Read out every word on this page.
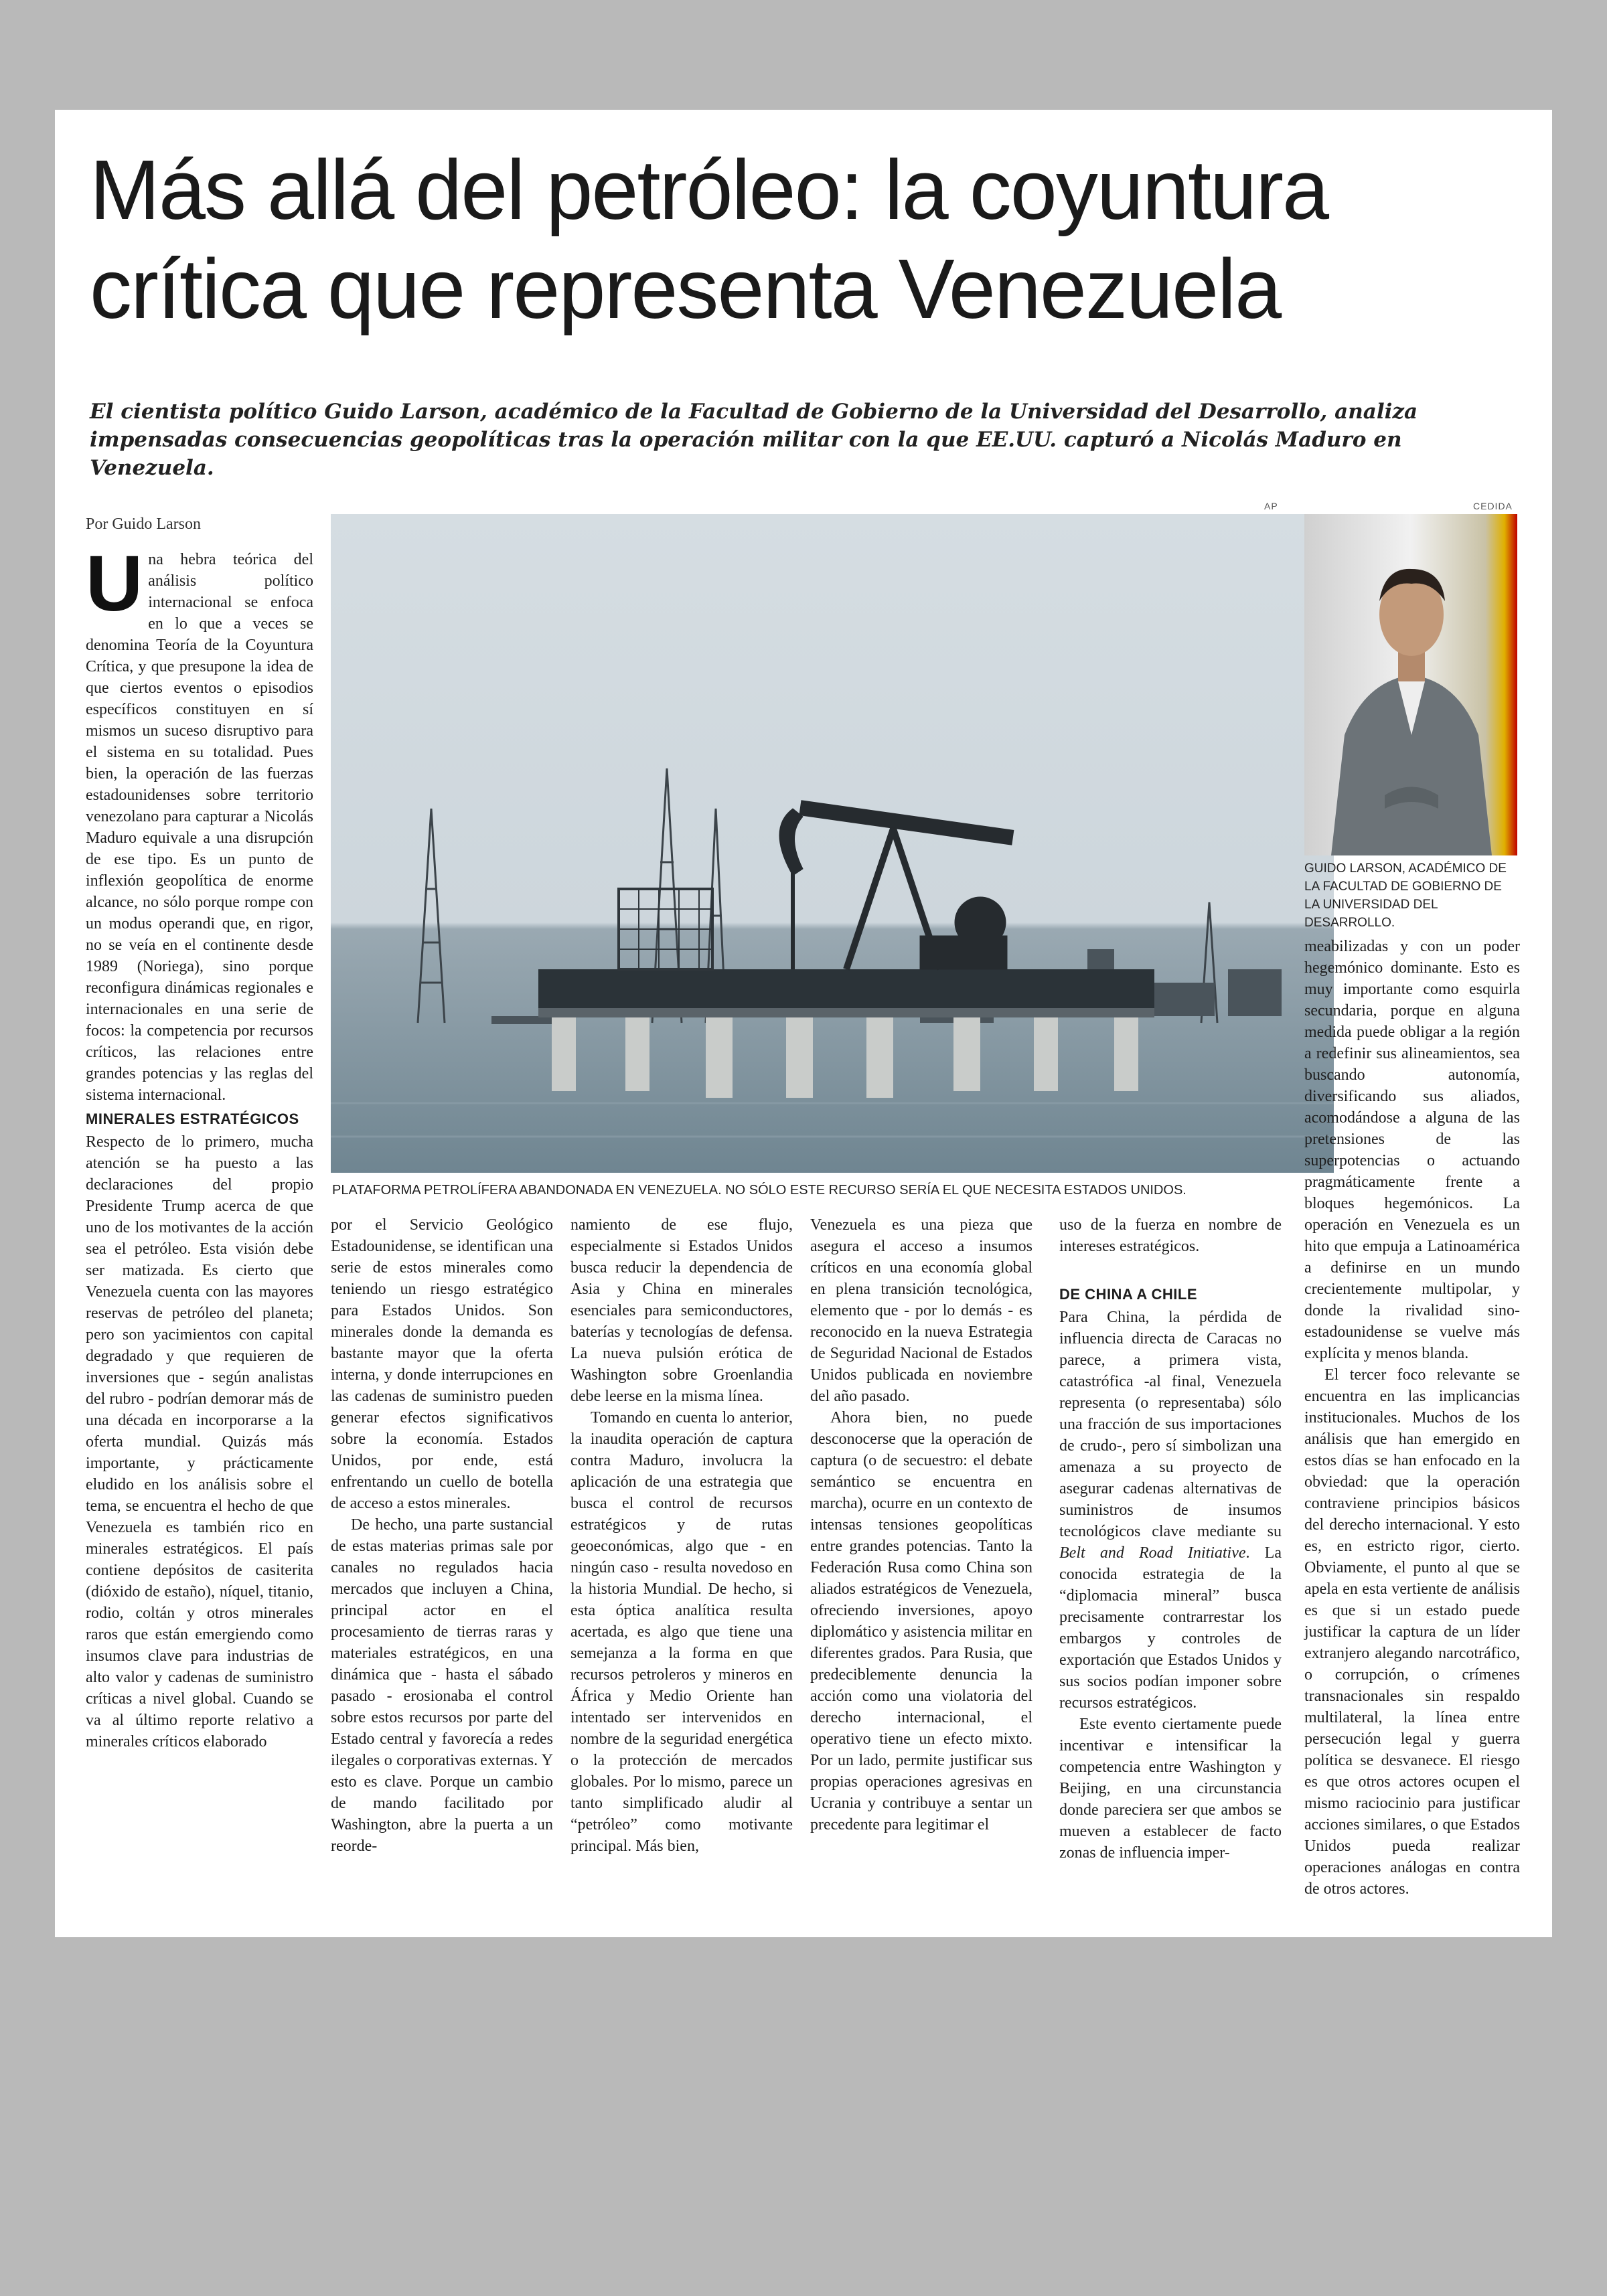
Más allá del petróleo: la coyuntura crítica que representa Venezuela

El cientista político Guido Larson, académico de la Facultad de Gobierno de la Universidad del Desarrollo, analiza impensadas consecuencias geopolíticas tras la operación militar con la que EE.UU. capturó a Nicolás Maduro en Venezuela.

Por Guido Larson
AP

PLATAFORMA PETROLÍFERA ABANDONADA EN VENEZUELA. NO SÓLO ESTE RECURSO SERÍA EL QUE NECESITA ESTADOS UNIDOS.

CEDIDA

GUIDO LARSON, ACADÉMICO DE LA FACULTAD DE GOBIERNO DE LA UNIVERSIDAD DEL DESARROLLO.

Una hebra teórica del análisis político internacional se enfoca en lo que a veces se denomina Teoría de la Coyuntura Crítica, y que presupone la idea de que ciertos eventos o episodios específicos constituyen en sí mismos un suceso disruptivo para el sistema en su totalidad. Pues bien, la operación de las fuerzas estadounidenses sobre territorio venezolano para capturar a Nicolás Maduro equivale a una disrupción de ese tipo. Es un punto de inflexión geopolítica de enorme alcance, no sólo porque rompe con un modus operandi que, en rigor, no se veía en el continente desde 1989 (Noriega), sino porque reconfigura dinámicas regionales e internacionales en una serie de focos: la competencia por recursos críticos, las relaciones entre grandes potencias y las reglas del sistema internacional.

MINERALES ESTRATÉGICOS

Respecto de lo primero, mucha atención se ha puesto a las declaraciones del propio Presidente Trump acerca de que uno de los motivantes de la acción sea el petróleo. Esta visión debe ser matizada. Es cierto que Venezuela cuenta con las mayores reservas de petróleo del planeta; pero son yacimientos con capital degradado y que requieren de inversiones que - según analistas del rubro - podrían demorar más de una década en incorporarse a la oferta mundial. Quizás más importante, y prácticamente eludido en los análisis sobre el tema, se encuentra el hecho de que Venezuela es también rico en minerales estratégicos. El país contiene depósitos de casiterita (dióxido de estaño), níquel, titanio, rodio, coltán y otros minerales raros que están emergiendo como insumos clave para industrias de alto valor y cadenas de suministro críticas a nivel global. Cuando se va al último reporte relativo a minerales críticos elaborado

por el Servicio Geológico Estadounidense, se identifican una serie de estos minerales como teniendo un riesgo estratégico para Estados Unidos. Son minerales donde la demanda es bastante mayor que la oferta interna, y donde interrupciones en las cadenas de suministro pueden generar efectos significativos sobre la economía. Estados Unidos, por ende, está enfrentando un cuello de botella de acceso a estos minerales.

De hecho, una parte sustancial de estas materias primas sale por canales no regulados hacia mercados que incluyen a China, principal actor en el procesamiento de tierras raras y materiales estratégicos, en una dinámica que - hasta el sábado pasado - erosionaba el control sobre estos recursos por parte del Estado central y favorecía a redes ilegales o corporativas externas. Y esto es clave. Porque un cambio de mando facilitado por Washington, abre la puerta a un reorde-

namiento de ese flujo, especialmente si Estados Unidos busca reducir la dependencia de Asia y China en minerales esenciales para semiconductores, baterías y tecnologías de defensa. La nueva pulsión erótica de Washington sobre Groenlandia debe leerse en la misma línea.

Tomando en cuenta lo anterior, la inaudita operación de captura contra Maduro, involucra la aplicación de una estrategia que busca el control de recursos estratégicos y de rutas geoeconómicas, algo que - en ningún caso - resulta novedoso en la historia Mundial. De hecho, si esta óptica analítica resulta acertada, es algo que tiene una semejanza a la forma en que recursos petroleros y mineros en África y Medio Oriente han intentado ser intervenidos en nombre de la seguridad energética o la protección de mercados globales. Por lo mismo, parece un tanto simplificado aludir al “petróleo” como motivante principal. Más bien,

Venezuela es una pieza que asegura el acceso a insumos críticos en una economía global en plena transición tecnológica, elemento que - por lo demás - es reconocido en la nueva Estrategia de Seguridad Nacional de Estados Unidos publicada en noviembre del año pasado.

Ahora bien, no puede desconocerse que la operación de captura (o de secuestro: el debate semántico se encuentra en marcha), ocurre en un contexto de intensas tensiones geopolíticas entre grandes potencias. Tanto la Federación Rusa como China son aliados estratégicos de Venezuela, ofreciendo inversiones, apoyo diplomático y asistencia militar en diferentes grados. Para Rusia, que predeciblemente denuncia la acción como una violatoria del derecho internacional, el operativo tiene un efecto mixto. Por un lado, permite justificar sus propias operaciones agresivas en Ucrania y contribuye a sentar un precedente para legitimar el

uso de la fuerza en nombre de intereses estratégicos.

DE CHINA A CHILE

Para China, la pérdida de influencia directa de Caracas no parece, a primera vista, catastrófica -al final, Venezuela representa (o representaba) sólo una fracción de sus importaciones de crudo-, pero sí simbolizan una amenaza a su proyecto de asegurar cadenas alternativas de suministros de insumos tecnológicos clave mediante su Belt and Road Initiative. La conocida estrategia de la “diplomacia mineral” busca precisamente contrarrestar los embargos y controles de exportación que Estados Unidos y sus socios podían imponer sobre recursos estratégicos.

Este evento ciertamente puede incentivar e intensificar la competencia entre Washington y Beijing, en una circunstancia donde pareciera ser que ambos se mueven a establecer de facto zonas de influencia imper-

meabilizadas y con un poder hegemónico dominante. Esto es muy importante como esquirla secundaria, porque en alguna medida puede obligar a la región a redefinir sus alineamientos, sea buscando autonomía, diversificando sus aliados, acomodándose a alguna de las pretensiones de las superpotencias o actuando pragmáticamente frente a bloques hegemónicos. La operación en Venezuela es un hito que empuja a Latinoamérica a definirse en un mundo crecientemente multipolar, y donde la rivalidad sino-estadounidense se vuelve más explícita y menos blanda.

El tercer foco relevante se encuentra en las implicancias institucionales. Muchos de los análisis que han emergido en estos días se han enfocado en la obviedad: que la operación contraviene principios básicos del derecho internacional. Y esto es, en estricto rigor, cierto. Obviamente, el punto al que se apela en esta vertiente de análisis es que si un estado puede justificar la captura de un líder extranjero alegando narcotráfico, o corrupción, o crímenes transnacionales sin respaldo multilateral, la línea entre persecución legal y guerra política se desvanece. El riesgo es que otros actores ocupen el mismo raciocinio para justificar acciones similares, o que Estados Unidos pueda realizar operaciones análogas en contra de otros actores.
